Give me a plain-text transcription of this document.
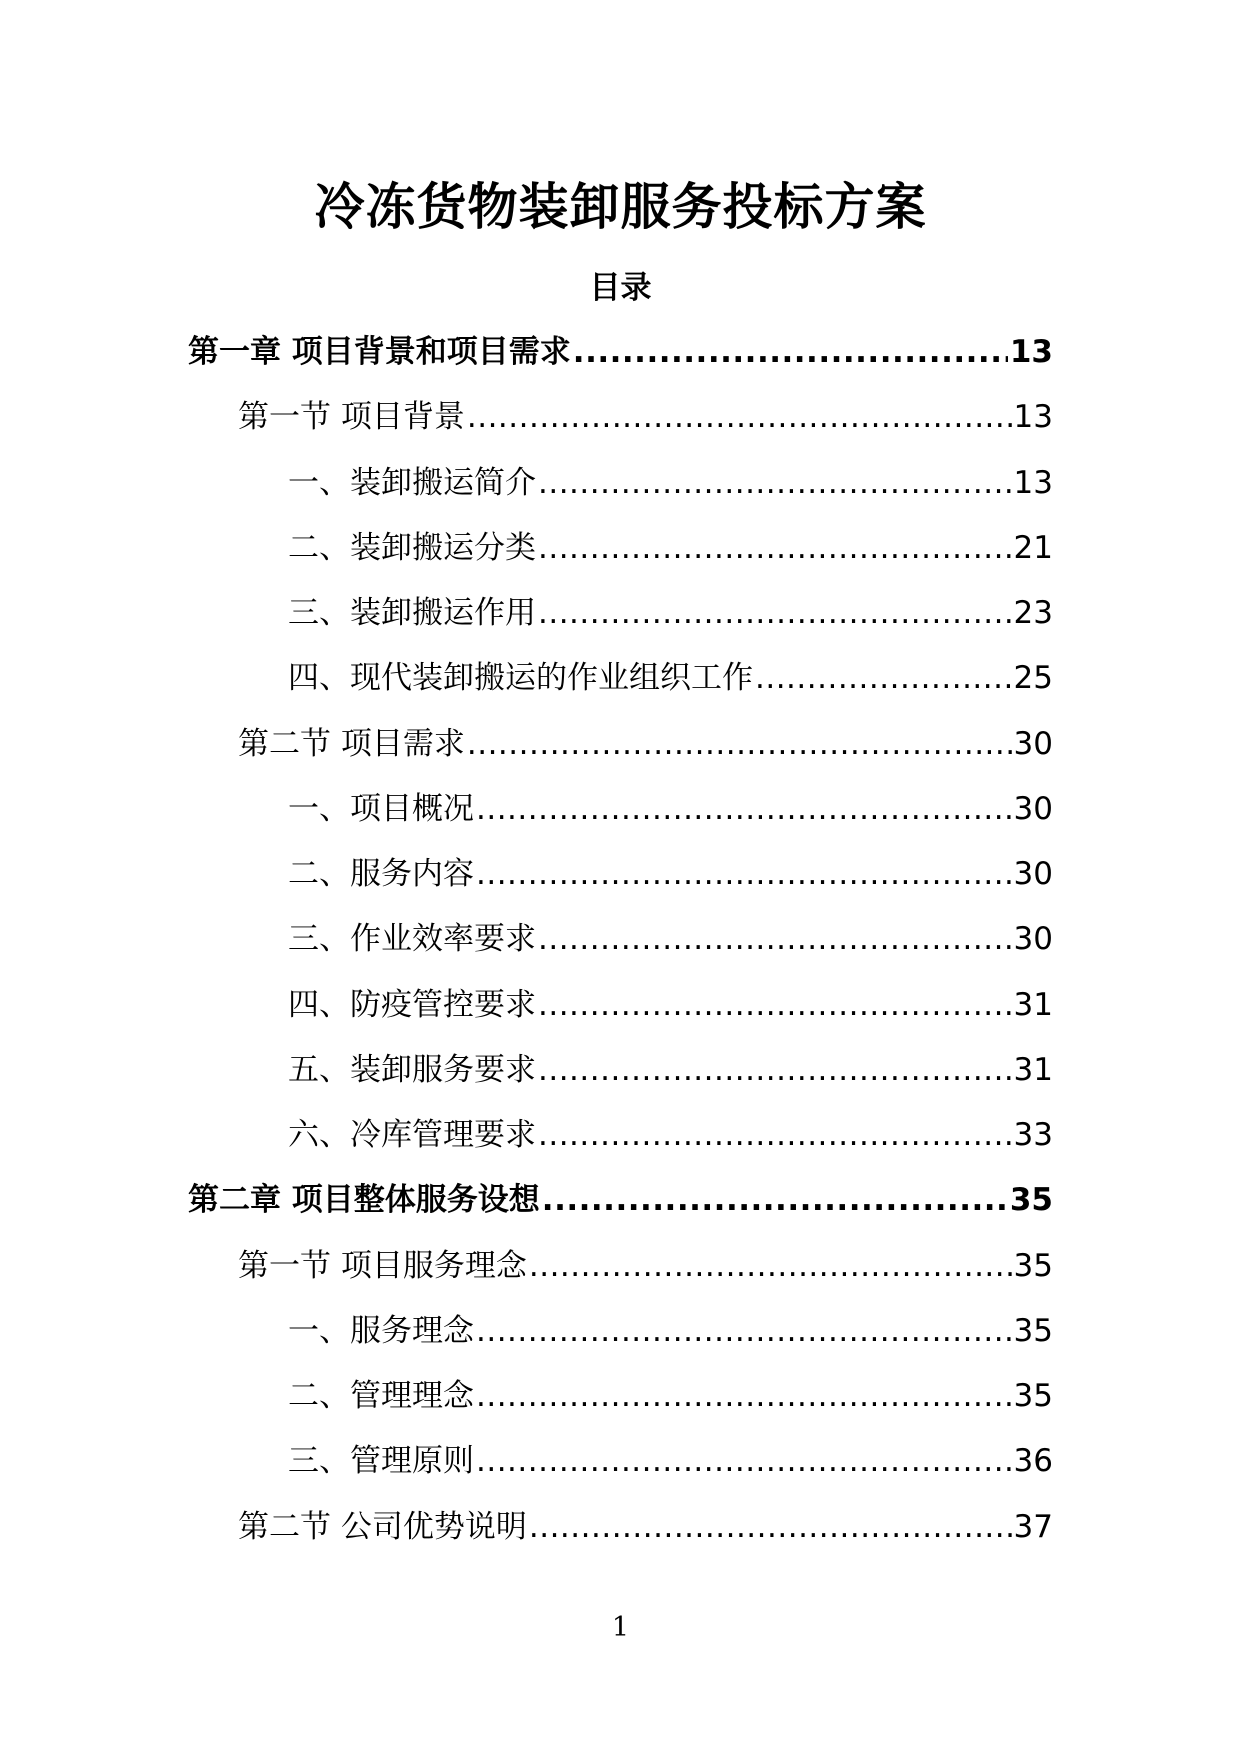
冷冻货物装卸服务投标方案
目录
第一章 项目背景和项目需求 .....	13
第一节 项目背景 .....	13
一、装卸搬运简介 .....	13
二、装卸搬运分类 .....	21
三、装卸搬运作用 .....	23
四、现代装卸搬运的作业组织工作 .....	25
第二节 项目需求 .....	30
一、项目概况 .....	30
二、服务内容 .....	30
三、作业效率要求 .....	30
四、防疫管控要求 .....	31
五、装卸服务要求 .....	31
六、冷库管理要求 .....	33
第二章 项目整体服务设想 .....	35
第一节 项目服务理念 .....	35
一、服务理念 .....	35
二、管理理念 .....	35
三、管理原则 .....	36
第二节 公司优势说明 .....	37
1
